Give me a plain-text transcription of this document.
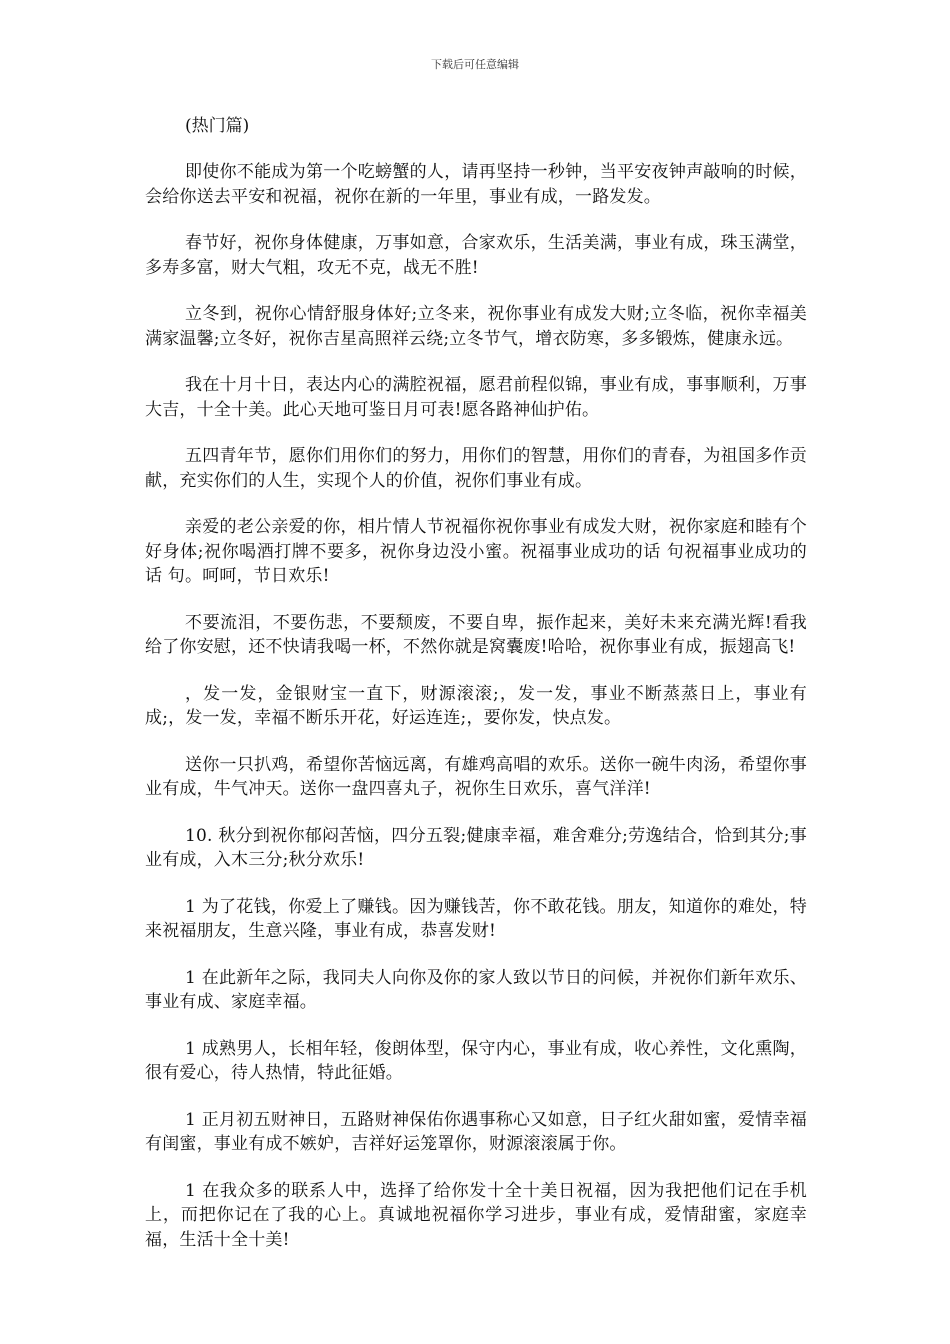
下载后可任意编辑
(热门篇)

即使你不能成为第一个吃螃蟹的人，请再坚持一秒钟，当平安夜钟声敲响的时候，会给你送去平安和祝福，祝你在新的一年里，事业有成，一路发发。

春节好，祝你身体健康，万事如意，合家欢乐，生活美满，事业有成，珠玉满堂，多寿多富，财大气粗，攻无不克，战无不胜!

立冬到，祝你心情舒服身体好;立冬来，祝你事业有成发大财;立冬临，祝你幸福美满家温馨;立冬好，祝你吉星高照祥云绕;立冬节气，增衣防寒，多多锻炼，健康永远。

我在十月十日，表达内心的满腔祝福，愿君前程似锦，事业有成，事事顺利，万事大吉，十全十美。此心天地可鉴日月可表!愿各路神仙护佑。

五四青年节，愿你们用你们的努力，用你们的智慧，用你们的青春，为祖国多作贡献，充实你们的人生，实现个人的价值，祝你们事业有成。

亲爱的老公亲爱的你，相片情人节祝福你祝你事业有成发大财，祝你家庭和睦有个好身体;祝你喝酒打牌不要多，祝你身边没小蜜。祝福事业成功的话 句祝福事业成功的话 句。呵呵，节日欢乐!

不要流泪，不要伤悲，不要颓废，不要自卑，振作起来，美好未来充满光辉!看我给了你安慰，还不快请我喝一杯，不然你就是窝囊废!哈哈，祝你事业有成，振翅高飞!

，发一发，金银财宝一直下，财源滚滚;，发一发，事业不断蒸蒸日上，事业有成;，发一发，幸福不断乐开花，好运连连;，要你发，快点发。

送你一只扒鸡，希望你苦恼远离，有雄鸡高唱的欢乐。送你一碗牛肉汤，希望你事业有成，牛气冲天。送你一盘四喜丸子，祝你生日欢乐，喜气洋洋!

10. 秋分到祝你郁闷苦恼，四分五裂;健康幸福，难舍难分;劳逸结合，恰到其分;事业有成，入木三分;秋分欢乐!

1 为了花钱，你爱上了赚钱。因为赚钱苦，你不敢花钱。朋友，知道你的难处，特来祝福朋友，生意兴隆，事业有成，恭喜发财!

1 在此新年之际，我同夫人向你及你的家人致以节日的问候，并祝你们新年欢乐、事业有成、家庭幸福。

1 成熟男人，长相年轻，俊朗体型，保守内心，事业有成，收心养性，文化熏陶，很有爱心，待人热情，特此征婚。

1 正月初五财神日，五路财神保佑你遇事称心又如意，日子红火甜如蜜，爱情幸福有闺蜜，事业有成不嫉妒，吉祥好运笼罩你，财源滚滚属于你。

1 在我众多的联系人中，选择了给你发十全十美日祝福，因为我把他们记在手机上，而把你记在了我的心上。真诚地祝福你学习进步，事业有成，爱情甜蜜，家庭幸福，生活十全十美!
